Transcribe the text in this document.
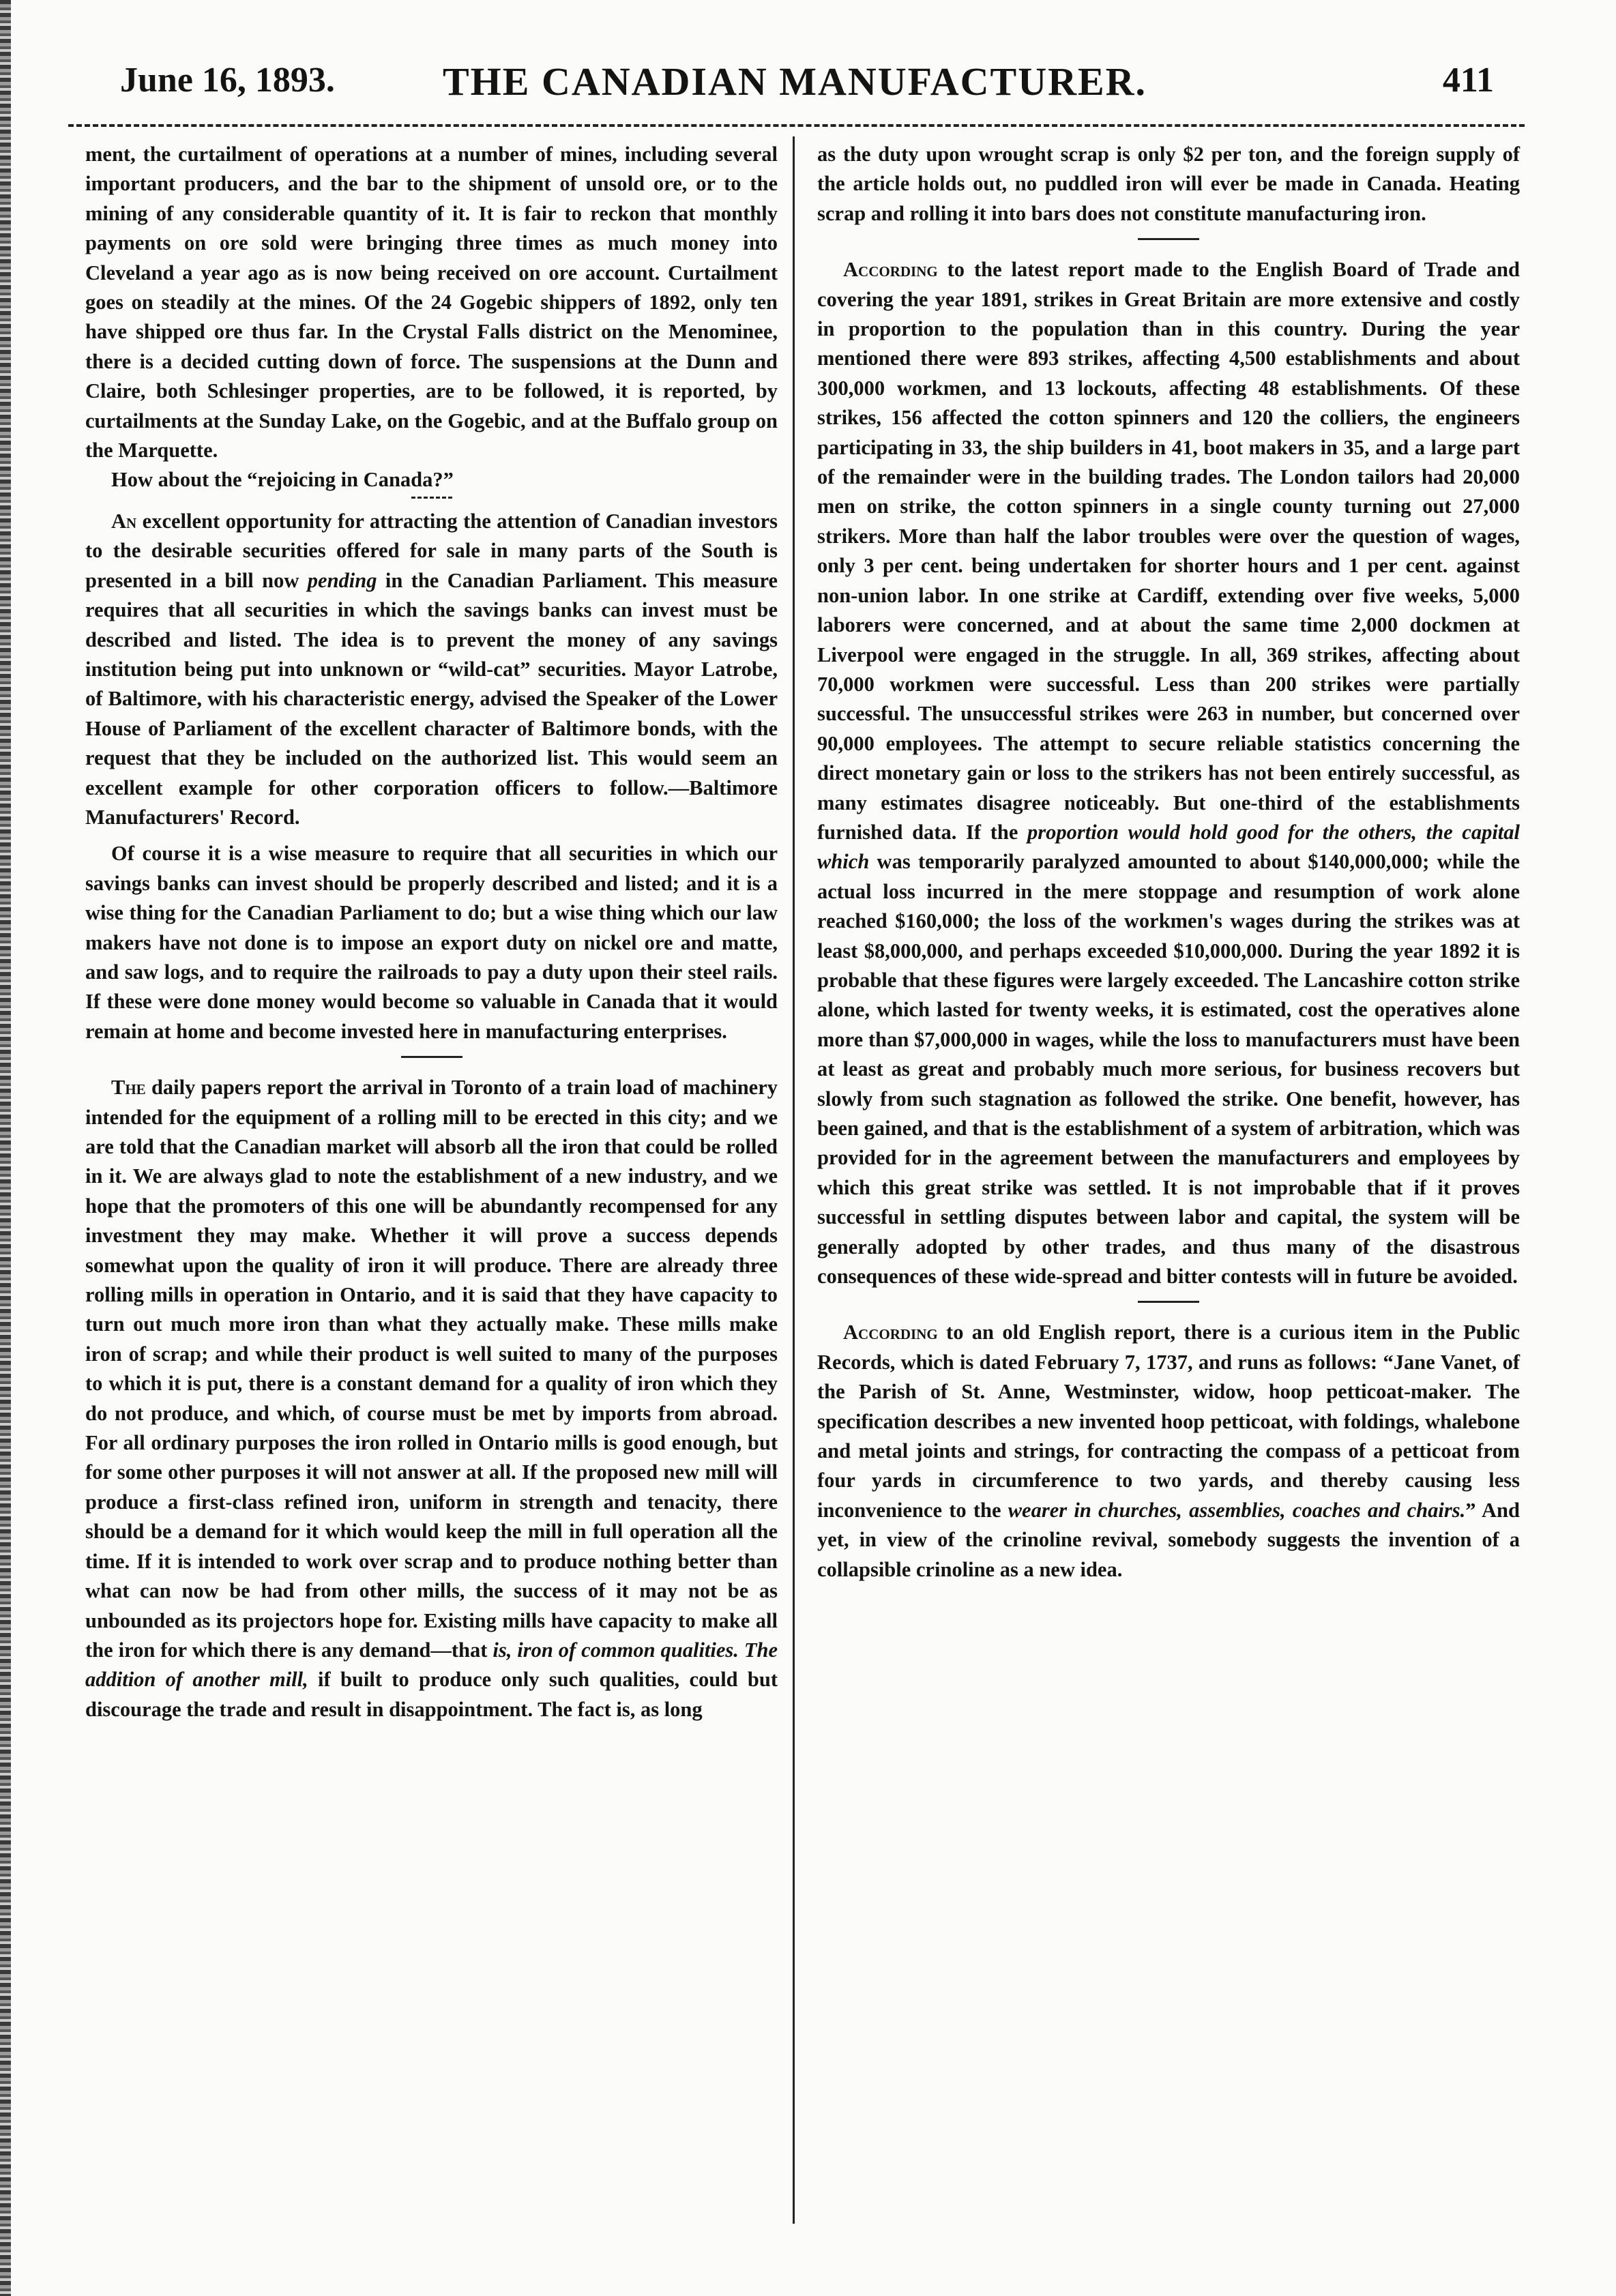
June 16, 1893.	THE CANADIAN MANUFACTURER.	411

ment, the curtailment of operations at a number of mines, including several important producers, and the bar to the shipment of unsold ore, or to the mining of any considerable quantity of it. It is fair to reckon that monthly payments on ore sold were bringing three times as much money into Cleveland a year ago as is now being received on ore account. Curtailment goes on steadily at the mines. Of the 24 Gogebic shippers of 1892, only ten have shipped ore thus far. In the Crystal Falls district on the Menominee, there is a decided cutting down of force. The suspensions at the Dunn and Claire, both Schlesinger properties, are to be followed, it is reported, by curtailments at the Sunday Lake, on the Gogebic, and at the Buffalo group on the Marquette.

How about the “rejoicing in Canada?”

An excellent opportunity for attracting the attention of Canadian investors to the desirable securities offered for sale in many parts of the South is presented in a bill now pending in the Canadian Parliament. This measure requires that all securities in which the savings banks can invest must be described and listed. The idea is to prevent the money of any savings institution being put into unknown or “wild-cat” securities. Mayor Latrobe, of Baltimore, with his characteristic energy, advised the Speaker of the Lower House of Parliament of the excellent character of Baltimore bonds, with the request that they be included on the authorized list. This would seem an excellent example for other corporation officers to follow.—Baltimore Manufacturers' Record.

Of course it is a wise measure to require that all securities in which our savings banks can invest should be properly described and listed; and it is a wise thing for the Canadian Parliament to do; but a wise thing which our law makers have not done is to impose an export duty on nickel ore and matte, and saw logs, and to require the railroads to pay a duty upon their steel rails. If these were done money would become so valuable in Canada that it would remain at home and become invested here in manufacturing enterprises.

The daily papers report the arrival in Toronto of a train load of machinery intended for the equipment of a rolling mill to be erected in this city; and we are told that the Canadian market will absorb all the iron that could be rolled in it. We are always glad to note the establishment of a new industry, and we hope that the promoters of this one will be abundantly recompensed for any investment they may make. Whether it will prove a success depends somewhat upon the quality of iron it will produce. There are already three rolling mills in operation in Ontario, and it is said that they have capacity to turn out much more iron than what they actually make. These mills make iron of scrap; and while their product is well suited to many of the purposes to which it is put, there is a constant demand for a quality of iron which they do not produce, and which, of course must be met by imports from abroad. For all ordinary purposes the iron rolled in Ontario mills is good enough, but for some other purposes it will not answer at all. If the proposed new mill will produce a first-class refined iron, uniform in strength and tenacity, there should be a demand for it which would keep the mill in full operation all the time. If it is intended to work over scrap and to produce nothing better than what can now be had from other mills, the success of it may not be as unbounded as its projectors hope for. Existing mills have capacity to make all the iron for which there is any demand—that is, iron of common qualities. The addition of another mill, if built to produce only such qualities, could but discourage the trade and result in disappointment. The fact is, as long

as the duty upon wrought scrap is only $2 per ton, and the foreign supply of the article holds out, no puddled iron will ever be made in Canada. Heating scrap and rolling it into bars does not constitute manufacturing iron.

According to the latest report made to the English Board of Trade and covering the year 1891, strikes in Great Britain are more extensive and costly in proportion to the population than in this country. During the year mentioned there were 893 strikes, affecting 4,500 establishments and about 300,000 workmen, and 13 lockouts, affecting 48 establishments. Of these strikes, 156 affected the cotton spinners and 120 the colliers, the engineers participating in 33, the ship builders in 41, boot makers in 35, and a large part of the remainder were in the building trades. The London tailors had 20,000 men on strike, the cotton spinners in a single county turning out 27,000 strikers. More than half the labor troubles were over the question of wages, only 3 per cent. being undertaken for shorter hours and 1 per cent. against non-union labor. In one strike at Cardiff, extending over five weeks, 5,000 laborers were concerned, and at about the same time 2,000 dockmen at Liverpool were engaged in the struggle. In all, 369 strikes, affecting about 70,000 workmen were successful. Less than 200 strikes were partially successful. The unsuccessful strikes were 263 in number, but concerned over 90,000 employees. The attempt to secure reliable statistics concerning the direct monetary gain or loss to the strikers has not been entirely successful, as many estimates disagree noticeably. But one-third of the establishments furnished data. If the proportion would hold good for the others, the capital which was temporarily paralyzed amounted to about $140,000,000; while the actual loss incurred in the mere stoppage and resumption of work alone reached $160,000; the loss of the workmen's wages during the strikes was at least $8,000,000, and perhaps exceeded $10,000,000. During the year 1892 it is probable that these figures were largely exceeded. The Lancashire cotton strike alone, which lasted for twenty weeks, it is estimated, cost the operatives alone more than $7,000,000 in wages, while the loss to manufacturers must have been at least as great and probably much more serious, for business recovers but slowly from such stagnation as followed the strike. One benefit, however, has been gained, and that is the establishment of a system of arbitration, which was provided for in the agreement between the manufacturers and employees by which this great strike was settled. It is not improbable that if it proves successful in settling disputes between labor and capital, the system will be generally adopted by other trades, and thus many of the disastrous consequences of these wide-spread and bitter contests will in future be avoided.

According to an old English report, there is a curious item in the Public Records, which is dated February 7, 1737, and runs as follows: “Jane Vanet, of the Parish of St. Anne, Westminster, widow, hoop petticoat-maker. The specification describes a new invented hoop petticoat, with foldings, whalebone and metal joints and strings, for contracting the compass of a petticoat from four yards in circumference to two yards, and thereby causing less inconvenience to the wearer in churches, assemblies, coaches and chairs.” And yet, in view of the crinoline revival, somebody suggests the invention of a collapsible crinoline as a new idea.
